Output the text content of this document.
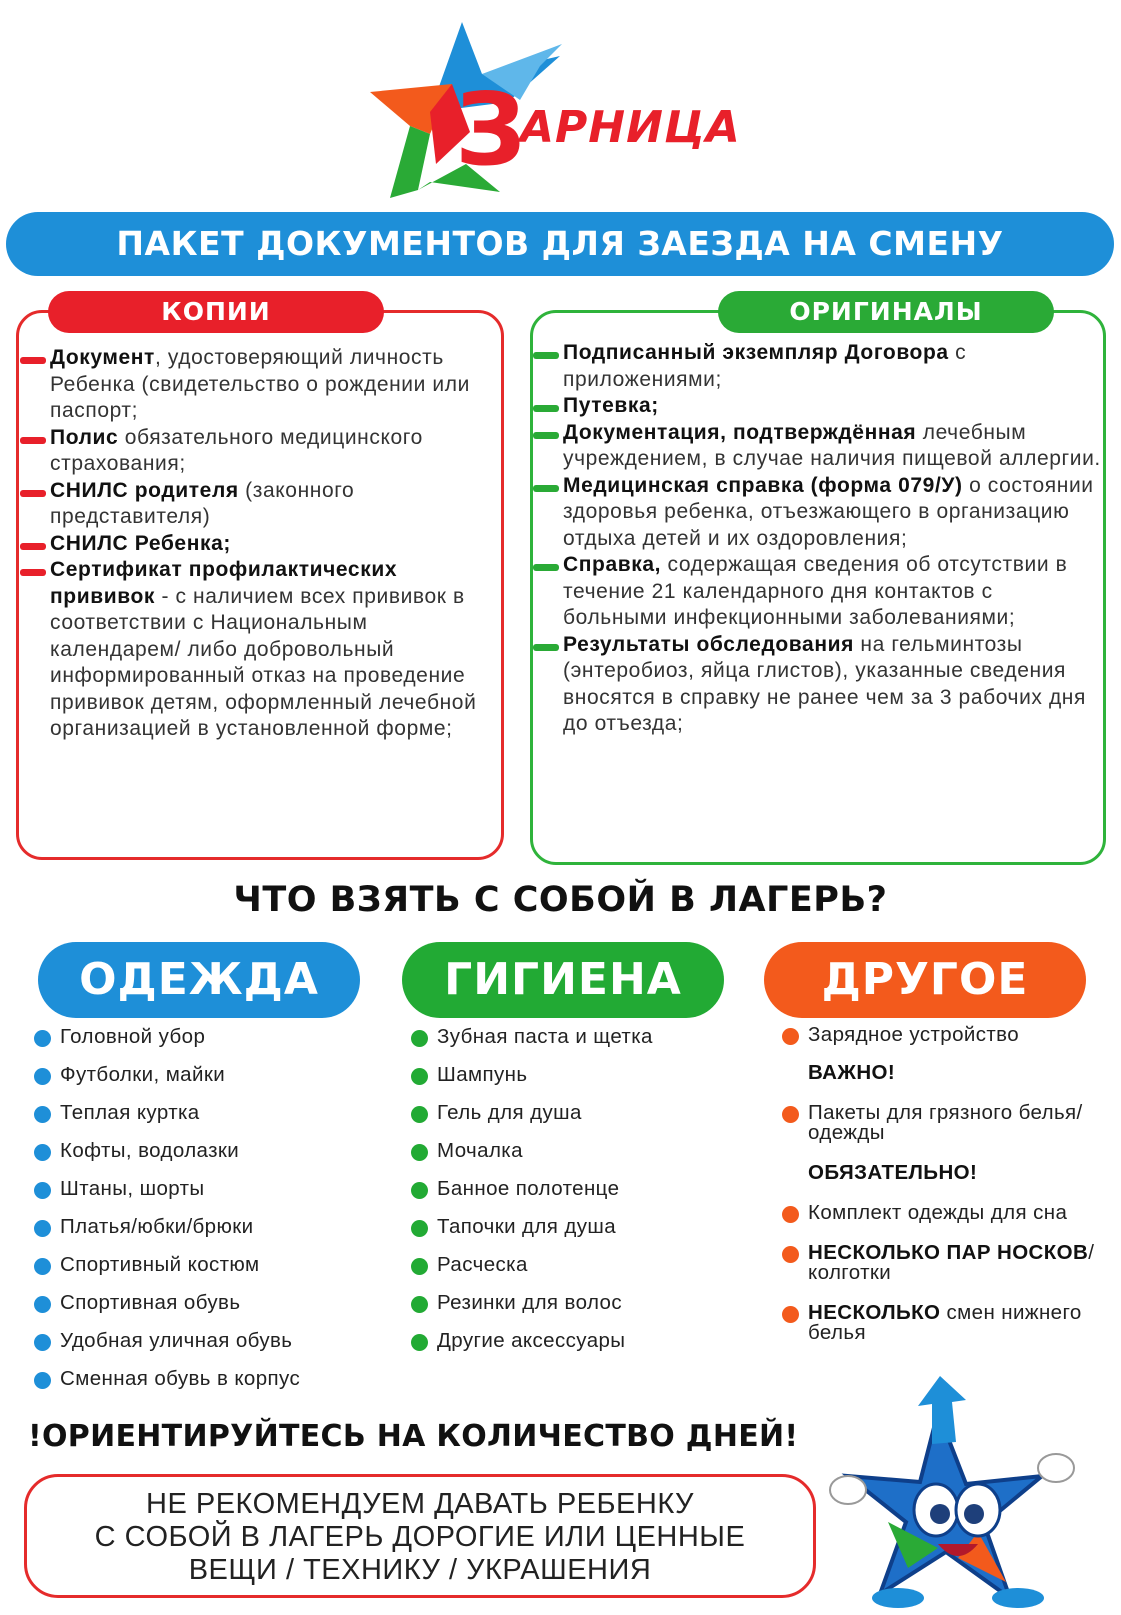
З
АРНИЦА
ПАКЕТ ДОКУМЕНТОВ ДЛЯ ЗАЕЗДА НА СМЕНУ
КОПИИ
Документ, удостоверяющий личность Ребенка (свидетельство о рождении или паспорт;
Полис обязательного медицинского страхования;
СНИЛС родителя (законного представителя)
СНИЛС Ребенка;
Сертификат профилактических прививок - с наличием всех прививок в соответствии с Национальным календарем/ либо добровольный информированный отказ на проведение прививок детям, оформленный лечебной организацией в установленной форме;
ОРИГИНАЛЫ
Подписанный экземпляр Договора с приложениями;
Путевка;
Документация, подтверждённая лечебным учреждением, в случае наличия пищевой аллергии.
Медицинская справка (форма 079/У) о состоянии здоровья ребенка, отъезжающего в организацию отдыха детей и их оздоровления;
Справка, содержащая сведения об отсутствии в течение 21 календарного дня контактов с больными инфекционными заболеваниями;
Результаты обследования на гельминтозы (энтеробиоз, яйца глистов), указанные сведения вносятся в справку не ранее чем за 3 рабочих дня до отъезда;
ЧТО ВЗЯТЬ С СОБОЙ В ЛАГЕРЬ?
ОДЕЖДА	ГИГИЕНА	ДРУГОЕ
Головной убор
Футболки, майки
Теплая куртка
Кофты, водолазки
Штаны, шорты
Платья/юбки/брюки
Спортивный костюм
Спортивная обувь
Удобная уличная обувь
Сменная обувь в корпус
Зубная паста и щетка
Шампунь
Гель для душа
Мочалка
Банное полотенце
Тапочки для душа
Расческа
Резинки для волос
Другие аксессуары
Зарядное устройство
ВАЖНО!
Пакеты для грязного белья/одежды
ОБЯЗАТЕЛЬНО!
Комплект одежды для сна
НЕСКОЛЬКО ПАР НОСКОВ/колготки
НЕСКОЛЬКО смен нижнего белья
!ОРИЕНТИРУЙТЕСЬ НА КОЛИЧЕСТВО ДНЕЙ!
НЕ РЕКОМЕНДУЕМ ДАВАТЬ РЕБЕНКУ
С СОБОЙ В ЛАГЕРЬ ДОРОГИЕ ИЛИ ЦЕННЫЕ
ВЕЩИ / ТЕХНИКУ / УКРАШЕНИЯ
